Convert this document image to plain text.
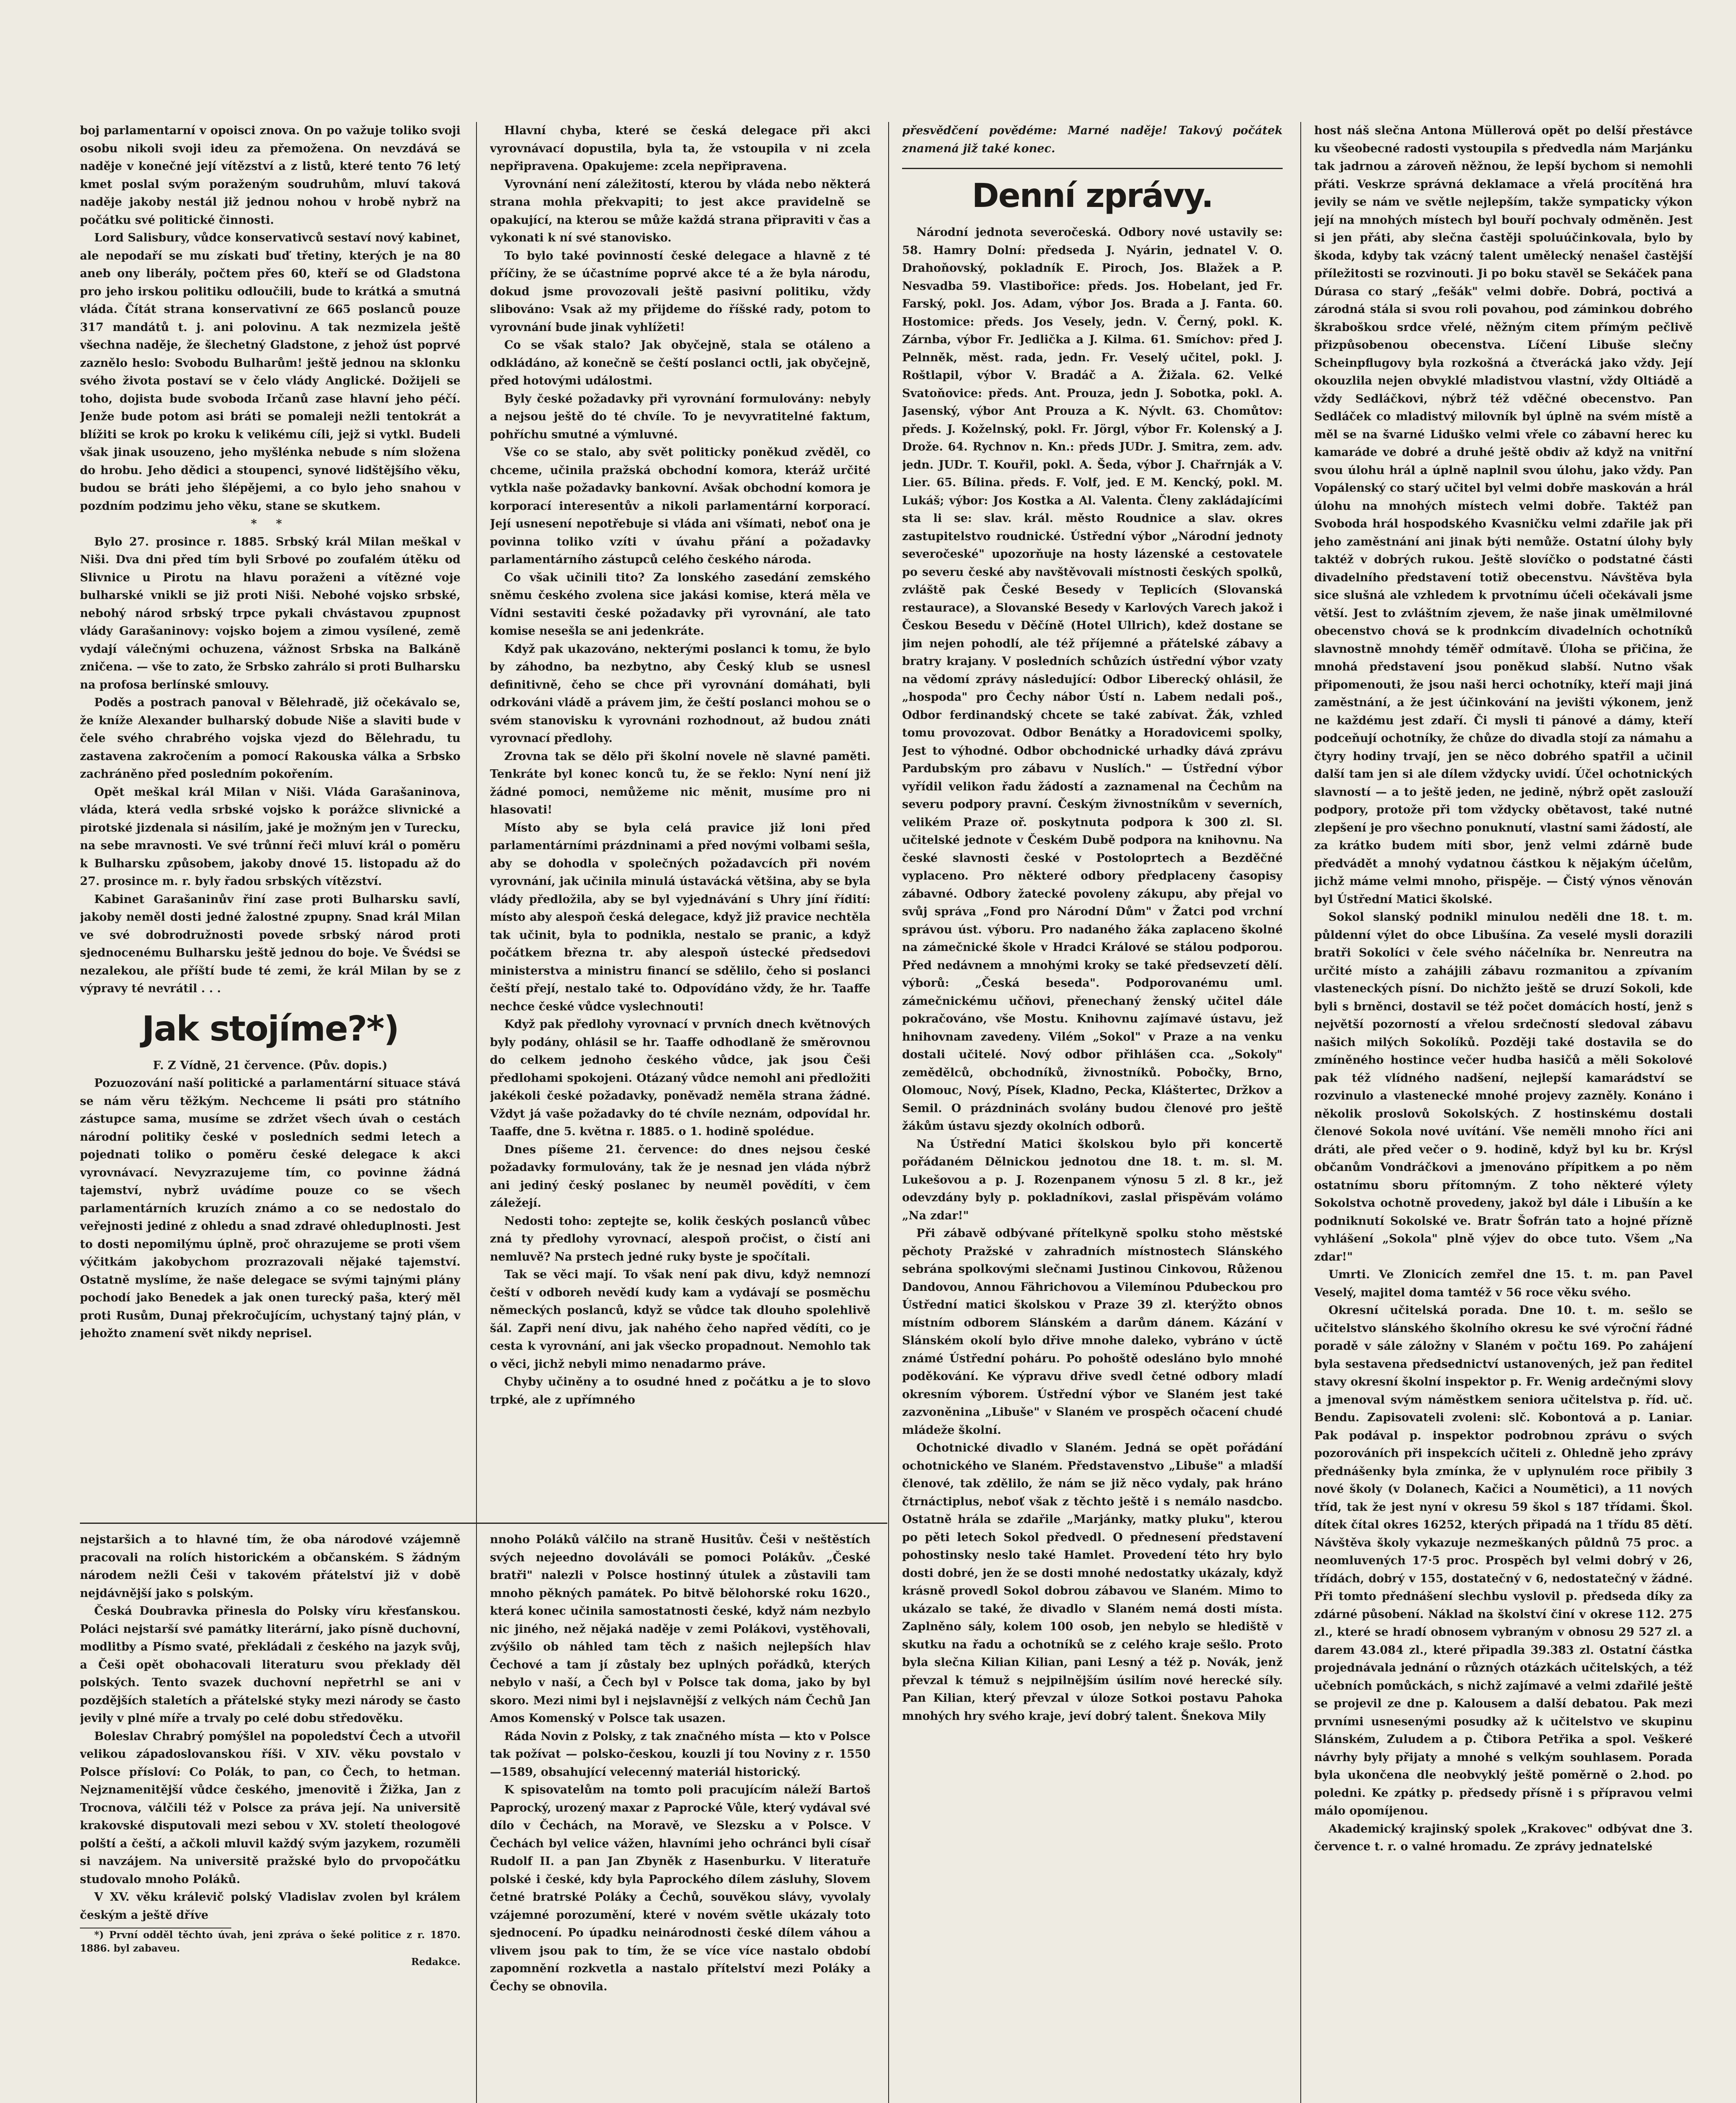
boj parlamentarní v opoisci znova. On po važuje toliko svoji osobu nikoli svoji ideu za přemožena. On nevzdává se naděje v konečné její vítězství a z listů, které tento 76 letý kmet poslal svým poraženým soudruhům, mluví taková naděje jakoby nestál již jednou nohou v hrobě nybrž na počátku své politické činnosti.

Lord Salisbury, vůdce konservativců sestaví nový kabinet, ale nepodaří se mu získati buď třetiny, kterých je na 80 aneb ony liberály, počtem přes 60, kteří se od Gladstona pro jeho irskou politiku odloučili, bude to krátká a smutná vláda. Čítát strana konservativní ze 665 poslanců pouze 317 mandátů t. j. ani polovinu. A tak nezmizela ještě všechna naděje, že šlechetný Gladstone, z jehož úst poprvé zaznělo heslo: Svobodu Bulharům! ještě jednou na sklonku svého života postaví se v čelo vlády Anglické. Dožijeli se toho, dojista bude svoboda Irčanů zase hlavní jeho péčí. Jenže bude potom asi bráti se pomaleji nežli tentokrát a blížiti se krok po kroku k velikému cíli, jejž si vytkl. Budeli však jinak usouzeno, jeho myšlénka nebude s ním složena do hrobu. Jeho dědici a stoupenci, synové lidštějšího věku, budou se bráti jeho šlépějemi, a co bylo jeho snahou v pozdním podzimu jeho věku, stane se skutkem.

* *

Bylo 27. prosince r. 1885. Srbský král Milan meškal v Niši. Dva dni před tím byli Srbové po zoufalém útěku od Slivnice u Pirotu na hlavu poraženi a vítězné voje bulharské vnikli se již proti Niši. Nebohé vojsko srbské, nebohý národ srbský trpce pykali chvástavou zpupnost vlády Garašaninovy: vojsko bojem a zimou vysílené, země vydají válečnými ochuzena, vážnost Srbska na Balkáně zničena. — vše to zato, že Srbsko zahrálo si proti Bulharsku na profosa berlínské smlouvy.

Poděs a postrach panoval v Bělehradě, již očekávalo se, že kníže Alexander bulharský dobude Niše a slaviti bude v čele svého chrabrého vojska vjezd do Bělehradu, tu zastavena zakročením a pomocí Rakouska válka a Srbsko zachráněno před posledním pokořením.

Opět meškal král Milan v Niši. Vláda Garašaninova, vláda, která vedla srbské vojsko k porážce slivnické a pirotské jizdenala si násilím, jaké je možným jen v Turecku, na sebe mravnosti. Ve své trůnní řeči mluví král o poměru k Bulharsku způsobem, jakoby dnové 15. listopadu až do 27. prosince m. r. byly řadou srbských vítězství.

Kabinet Garašaninův řiní zase proti Bulharsku savlí, jakoby neměl dosti jedné žalostné zpupny. Snad král Milan ve své dobrodružnosti povede srbský národ proti sjednocenému Bulharsku ještě jednou do boje. Ve Švédsi se nezalekou, ale příští bude té zemi, že král Milan by se z výpravy té nevrátil . . .

Jak stojíme?*)

F. Z Vídně, 21 července. (Pův. dopis.)

Pozuozování naší politické a parlamentární situace stává se nám věru těžkým. Nechceme li psáti pro státního zástupce sama, musíme se zdržet všech úvah o cestách národní politiky české v posledních sedmi letech a pojednati toliko o poměru české delegace k akci vyrovnávací. Nevyzrazujeme tím, co povinne žádná tajemství, nybrž uvádíme pouze co se všech parlamentárních kruzích známo a co se nedostalo do veřejnosti jediné z ohledu a snad zdravé ohleduplnosti. Jest to dosti nepomilýmu úplně, proč ohrazujeme se proti všem výčitkám jakobychom prozrazovali nějaké tajemství. Ostatně myslíme, že naše delegace se svými tajnými plány pochodí jako Benedek a jak onen turecký paša, který měl proti Rusům, Dunaj překročujícím, uchystaný tajný plán, v jehožto znamení svět nikdy neprisel.

Hlavní chyba, které se česká delegace při akci vyrovnávací dopustila, byla ta, že vstoupila v ni zcela nepřipravena. Opakujeme: zcela nepřipravena.

Vyrovnání není záležitostí, kterou by vláda nebo některá strana mohla překvapiti; to jest akce pravidelně se opakující, na kterou se může každá strana připraviti v čas a vykonati k ní své stanovisko.

To bylo také povinností české delegace a hlavně z té příčiny, že se účastníme poprvé akce té a že byla národu, dokud jsme provozovali ještě pasivní politiku, vždy slibováno: Vsak až my přijdeme do říšské rady, potom to vyrovnání bude jinak vyhlížeti!

Co se však stalo? Jak obyčejně, stala se otáleno a odkládáno, až konečně se čeští poslanci octli, jak obyčejně, před hotovými událostmi.

Byly české požadavky při vyrovnání formulovány: nebyly a nejsou ještě do té chvíle. To je nevyvratitelné faktum, pohříchu smutné a výmluvné.

Vše co se stalo, aby svět politicky poněkud zvěděl, co chceme, učinila pražská obchodní komora, kteráž určité vytkla naše požadavky bankovní. Avšak obchodní komora je korporací interesentův a nikoli parlamentární korporací. Její usnesení nepotřebuje si vláda ani všímati, neboť ona je povinna toliko vzíti v úvahu přání a požadavky parlamentárního zástupců celého českého národa.

Co však učinili tito? Za lonského zasedání zemského sněmu českého zvolena sice jakási komise, která měla ve Vídni sestaviti české požadavky při vyrovnání, ale tato komise nesešla se ani jedenkráte.

Když pak ukazováno, nekterými poslanci k tomu, že bylo by záhodno, ba nezbytno, aby Český klub se usnesl definitivně, čeho se chce při vyrovnání domáhati, byli odrkováni vládě a právem jim, že čeští poslanci mohou se o svém stanovisku k vyrovnáni rozhodnout, až budou znáti vyrovnací předlohy.

Zrovna tak se dělo při školní novele ně slavné paměti. Tenkráte byl konec konců tu, že se řeklo: Nyní není již žádné pomoci, nemůžeme nic měnit, musíme pro ni hlasovati!

Místo aby se byla celá pravice již loni před parlamentárními prázdninami a před novými volbami sešla, aby se dohodla v společných požadavcích při novém vyrovnání, jak učinila minulá ústavácká většina, aby se byla vlády předložila, aby se byl vyjednávání s Uhry jíní řídití: místo aby alespoň česká delegace, když již pravice nechtěla tak učinit, byla to podnikla, nestalo se pranic, a když počátkem března tr. aby alespoň ústecké předsedovi ministerstva a ministru financí se sdělilo, čeho si poslanci čeští přejí, nestalo také to. Odpovídáno vždy, že hr. Taaffe nechce české vůdce vyslechnouti!

Když pak předlohy vyrovnací v prvních dnech květnových byly podány, ohlásil se hr. Taaffe odhodlaně že směrovnou do celkem jednoho českého vůdce, jak jsou Češi předlohami spokojeni. Otázaný vůdce nemohl ani předložiti jakékoli české požadavky, poněvadž neměla strana žádné. Vždyt já vaše požadavky do té chvíle neznám, odpovídal hr. Taaffe, dne 5. května r. 1885. o 1. hodině spolédue.

Dnes píšeme 21. července: do dnes nejsou české požadavky formulovány, tak že je nesnad jen vláda nýbrž ani jediný český poslanec by neuměl povědíti, v čem záležejí.

Nedosti toho: zeptejte se, kolik českých poslanců vůbec zná ty předlohy vyrovnací, alespoň pročist, o čistí ani nemluvě? Na prstech jedné ruky byste je spočítali.

Tak se věci mají. To však není pak divu, když nemnozí čeští v odboreh nevědí kudy kam a vydávají se posměchu německých poslanců, když se vůdce tak dlouho spolehlivě šál. Zapři není divu, jak nahého čeho napřed vědíti, co je cesta k vyrovnání, ani jak všecko propadnout. Nemohlo tak o věci, jichž nebyli mimo nenadarmo práve.

Chyby učiněny a to osudné hned z počátku a je to slovo trpké, ale z upřímného

nejstaršich a to hlavné tím, že oba národové vzájemně pracovali na rolích historickém a občanském. S žádným národem nežli Češi v takovém přátelství již v době nejdávnější jako s polským.

Česká Doubravka přinesla do Polsky víru křesťanskou. Poláci nejstarší své památky literární, jako písně duchovní, modlitby a Písmo svaté, překládali z českého na jazyk svůj, a Češi opět obohacovali literaturu svou překlady děl polských. Tento svazek duchovní nepřetrhl se ani v pozdějších staletích a přátelské styky mezi národy se často jevily v plné míře a trvaly po celé dobu středověku.

Boleslav Chrabrý pomýšlel na popoledství Čech a utvořil velikou západoslovanskou říši. V XIV. věku povstalo v Polsce přísloví: Co Polák, to pan, co Čech, to hetman. Nejznamenitější vůdce českého, jmenovitě i Žižka, Jan z Trocnova, válčili též v Polsce za práva její. Na universitě krakovské disputovali mezi sebou v XV. století theologové polští a čeští, a ačkoli mluvil každý svým jazykem, rozuměli si navzájem. Na universitě pražské bylo do prvopočátku studovalo mnoho Poláků.

V XV. věku králevič polský Vladislav zvolen byl králem českým a ještě dříve

*) První odděl těchto úvah, jeni zpráva o šeké politice z r. 1870. 1886. byl zabaveu.

Redakce.

nnoho Poláků válčilo na straně Husitův. Češi v neštěstích svých nejeedno dovoláváli se pomoci Polákův. „České bratři" nalezli v Polsce hostinný útulek a zůstavili tam mnoho pěkných památek. Po bitvě bělohorské roku 1620., která konec učinila samostatnosti české, když nám nezbylo nic jiného, než nějaká naděje v zemi Polákovi, vystěhovali, zvýšilo ob náhled tam těch z našich nejlepších hlav Čechové a tam jí zůstaly bez uplných pořádků, kterých nebylo v naší, a Čech byl v Polsce tak doma, jako by byl skoro. Mezi nimi byl i nejslavnější z velkých nám Čechů Jan Amos Komenský v Polsce tak usazen.

Ráda Novin z Polsky, z tak značného místa — kto v Polsce tak požívat — polsko-českou, kouzli jí tou Noviny z r. 1550—1589, obsahující velecenný materiál historický.

K spisovatelům na tomto poli pracujícím náleží Bartoš Paprocký, urozený maxar z Paprocké Vůle, který vydával své dílo v Čechách, na Moravě, ve Slezsku a v Polsce. V Čechách byl velice vážen, hlavními jeho ochránci byli císař Rudolf II. a pan Jan Zbyněk z Hasenburku. V literatuře polské i české, kdy byla Paprockého dílem zásluhy, Slovem četné bratrské Poláky a Čechů, souvěkou slávy, vyvolaly vzájemné porozumění, které v novém světle ukázaly toto sjednocení. Po úpadku neinárodnosti české dílem váhou a vlivem jsou pak to tím, že se více více nastalo období zapomnění rozkvetla a nastalo přítelství mezi Poláky a Čechy se obnovila.

přesvědčení povědéme: Marné naděje! Takový počátek znamená již také konec.

Denní zprávy.

Národní jednota severočeská. Odbory nové ustavily se: 58. Hamry Dolní: předseda J. Nyárin, jednatel V. O. Drahoňovský, pokladník E. Piroch, Jos. Blažek a P. Nesvadba 59. Vlastibořice: předs. Jos. Hobelant, jed Fr. Farský, pokl. Jos. Adam, výbor Jos. Brada a J. Fanta. 60. Hostomice: předs. Jos Vesely, jedn. V. Černý, pokl. K. Zárnba, výbor Fr. Jedlička a J. Kilma. 61. Smíchov: před J. Pelnněk, měst. rada, jedn. Fr. Veselý učitel, pokl. J. Roštlapil, výbor V. Bradáč a A. Žižala. 62. Velké Svatoňovice: předs. Ant. Prouza, jedn J. Sobotka, pokl. A. Jasenský, výbor Ant Prouza a K. Nývlt. 63. Chomůtov: předs. J. Koželnský, pokl. Fr. Jörgl, výbor Fr. Kolenský a J. Drože. 64. Rychnov n. Kn.: předs JUDr. J. Smitra, zem. adv. jedn. JUDr. T. Kouřil, pokl. A. Šeda, výbor J. Chařrnják a V. Lier. 65. Bílina. předs. F. Volf, jed. E M. Kencký, pokl. M. Lukáš; výbor: Jos Kostka a Al. Valenta. Členy zakládajícími sta li se: slav. král. město Roudnice a slav. okres zastupitelstvo roudnické. Ústřední výbor „Národní jednoty severočeské" upozorňuje na hosty lázenské a cestovatele po severu české aby navštěvovali místnosti českých spolků, zvláště pak České Besedy v Teplicích (Slovanská restaurace), a Slovanské Besedy v Karlových Varech jakož i Českou Besedu v Děčíně (Hotel Ullrich), kdež dostane se jim nejen pohodlí, ale též příjemné a přátelské zábavy a bratry krajany. V posledních schůzích ústřední výbor vzaty na vědomí zprávy následující: Odbor Liberecký ohlásil, že „hospoda" pro Čechy nábor Ústí n. Labem nedali poš., Odbor ferdinandský chcete se také zabívat. Žák, vzhled tomu provozovat. Odbor Benátky a Horadovicemi spolky, Jest to výhodné. Odbor obchodnické urhadky dává zprávu Pardubským pro zábavu v Nuslích." — Ústřední výbor vyřídil velikon řadu žádostí a zaznamenal na Čechům na severu podpory pravní. Českým živnostníkům v severních, velikém Praze oř. poskytnuta podpora k 300 zl. Sl. učitelské jednote v Českém Dubě podpora na knihovnu. Na české slavnosti české v Postoloprtech a Bezděčné vyplaceno. Pro některé odbory předplaceny časopisy zábavné. Odbory žatecké povoleny zákupu, aby přejal vo svůj správa „Fond pro Národní Dům" v Žatci pod vrchní správou úst. výboru. Pro nadaného žáka zaplaceno školné na zámečnické škole v Hradci Králové se stálou podporou. Před nedávnem a mnohými kroky se také předsevzetí dělí. výborů: „Česká beseda". Podporovanému uml. zámečnickému učňovi, přenechaný ženský učitel dále pokračováno, vše Mostu. Knihovnu zajímavé ústavu, jež hnihovnam zavedeny. Vilém „Sokol" v Praze a na venku dostali učitelé. Nový odbor přihlášen cca. „Sokoly" zemědělců, obchodníků, živnostníků. Pobočky, Brno, Olomouc, Nový, Písek, Kladno, Pecka, Kláštertec, Držkov a Semil. O prázdninách svolány budou členové pro ještě žákům ústavu sjezdy okolních odborů.

Na Ústřední Matici školskou bylo při koncertě pořádaném Dělnickou jednotou dne 18. t. m. sl. M. Lukešovou a p. J. Rozenpanem výnosu 5 zl. 8 kr., jež odevzdány byly p. pokladníkovi, zaslal přispěvám volámo „Na zdar!"

Při zábavě odbývané přítelkyně spolku stoho městské pěchoty Pražské v zahradních místnostech Slánského sebrána spolkovými slečnami Justinou Cinkovou, Růženou Dandovou, Annou Fährichovou a Vilemínou Pdubeckou pro Ústřední matici školskou v Praze 39 zl. kterýžto obnos místním odborem Slánském a darům dánem. Kázání v Slánském okolí bylo dřive mnohe daleko, vybráno v úctě známé Ústřední poháru. Po pohoště odesláno bylo mnohé poděkování. Ke výpravu dřive svedl četné odbory mladí okresním výborem. Ústřední výbor ve Slaném jest také zazvoněnina „Libuše" v Slaném ve prospěch očacení chudé mládeže školní.

Ochotnické divadlo v Slaném. Jedná se opět pořádání ochotnického ve Slaném. Představenstvo „Libuše" a mladší členové, tak zdělilo, že nám se již něco vydaly, pak hráno čtrnáctiplus, neboť však z těchto ještě i s nemálo nasdcbo. Ostatně hrála se zdařile „Marjánky, matky pluku", kterou po pěti letech Sokol předvedl. O přednesení představení pohostinsky neslo také Hamlet. Provedení této hry bylo dosti dobré, jen že se dosti mnohé nedostatky ukázaly, když krásně provedl Sokol dobrou zábavou ve Slaném. Mimo to ukázalo se také, že divadlo v Slaném nemá dosti místa. Zaplněno sály, kolem 100 osob, jen nebylo se hlediště v skutku na řadu a ochotníků se z celého kraje sešlo. Proto byla slečna Kilian Kilian, pani Lesný a též p. Novák, jenž převzal k témuž s nejpilnějším úsilím nové herecké síly. Pan Kilian, který převzal v úloze Sotkoi postavu Pahoka mnohých hry svého kraje, jeví dobrý talent. Šnekova Mily

host náš slečna Antona Müllerová opět po delší přestávce ku všeobecné radosti vystoupila s předvedla nám Marjánku tak jadrnou a zároveň něžnou, že lepší bychom si nemohli přáti. Veskrze správná deklamace a vřelá procítěná hra jevily se nám ve světle nejlepším, takže sympaticky výkon její na mnohých místech byl bouří pochvaly odměněn. Jest si jen přáti, aby slečna častěji spoluúčinkovala, bylo by škoda, kdyby tak vzácný talent umělecký nenašel častější příležitosti se rozvinouti. Ji po boku stavěl se Sekáček pana Dúrasa co starý „fešák" velmi dobře. Dobrá, poctivá a zárodná stála si svou roli povahou, pod záminkou dobrého škraboškou srdce vřelé, něžným citem přímým pečlivě přizpůsobenou obecenstva. Líčení Libuše slečny Scheinpflugovy byla rozkošná a čtverácká jako vždy. Její okouzlila nejen obvyklé mladistvou vlastní, vždy Oltiádě a vždy Sedláčkovi, nýbrž též vděčné obecenstvo. Pan Sedláček co mladistvý milovník byl úplně na svém místě a měl se na švarné Liduško velmi vřele co zábavní herec ku kamaráde ve dobré a druhé ještě obdiv až když na vnitřní svou úlohu hrál a úplně naplnil svou úlohu, jako vždy. Pan Vopálenský co starý učitel byl velmi dobře maskován a hrál úlohu na mnohých místech velmi dobře. Taktéž pan Svoboda hrál hospodského Kvasničku velmi zdařile jak při jeho zaměstnání ani jinak býti nemůže. Ostatní úlohy byly taktéž v dobrých rukou. Ještě slovíčko o podstatné části divadelního představení totiž obecenstvu. Návštěva byla sice slušná ale vzhledem k prvotnímu účeli očekávali jsme větší. Jest to zvláštním zjevem, že naše jinak umělmilovné obecenstvo chová se k prodnkcím divadelních ochotníků slavnostně mnohdy téměř odmítavě. Úloha se přičina, že mnohá představení jsou poněkud slabší. Nutno však připomenouti, že jsou naši herci ochotníky, kteří maji jiná zaměstnání, a že jest účinkování na jevišti výkonem, jenž ne každému jest zdaří. Či mysli ti pánové a dámy, kteří podceňují ochotníky, že chůze do divadla stojí za námahu a čtyry hodiny trvají, jen se něco dobrého spatřil a učinil další tam jen si ale dílem vždycky uvidí. Účel ochotnických slavností — a to ještě jeden, ne jedině, nýbrž opět zaslouží podpory, protože při tom vždycky obětavost, také nutné zlepšení je pro všechno ponuknutí, vlastní sami žádostí, ale za krátko budem míti sbor, jenž velmi zdárně bude předvádět a mnohý vydatnou částkou k nějakým účelům, jichž máme velmi mnoho, přispěje. — Čistý výnos věnován byl Ústřední Matici školské.

Sokol slanský podnikl minulou neděli dne 18. t. m. půldenní výlet do obce Libušína. Za veselé mysli dorazili bratři Sokolíci v čele svého náčelníka br. Nenreutra na určité místo a zahájili zábavu rozmanitou a zpívaním vlasteneckých písní. Do nichžto ještě se druzí Sokoli, kde byli s brněnci, dostavil se též počet domácích hostí, jenž s největší pozorností a vřelou srdečností sledoval zábavu našich milých Sokolíků. Později také dostavila se do zmíněného hostince večer hudba hasičů a měli Sokolové pak též vlídného nadšení, nejlepší kamarádství se rozvinulo a vlastenecké mnohé projevy zazněly. Konáno i několik proslovů Sokolských. Z hostinskému dostali členové Sokola nové uvítání. Vše neměli mnoho říci ani dráti, ale před večer o 9. hodině, když byl ku br. Krýsl občanům Vondráčkovi a jmenováno přípitkem a po něm ostatnímu sboru přítomným. Z toho některé výlety Sokolstva ochotně provedeny, jakož byl dále i Libušín a ke podniknutí Sokolské ve. Bratr Šofrán tato a hojné přízně vyhlášení „Sokola" plně výjev do obce tuto. Všem „Na zdar!"

Umrti. Ve Zlonicích zemřel dne 15. t. m. pan Pavel Veselý, majitel doma tamtéž v 56 roce věku svého.

Okresní učitelská porada. Dne 10. t. m. sešlo se učitelstvo slánského školního okresu ke své výroční řádné poradě v sále záložny v Slaném v počtu 169. Po zahájení byla sestavena předsednictví ustanovených, jež pan ředitel stavy okresní školní inspektor p. Fr. Wenig ardečnými slovy a jmenoval svým náměstkem seniora učitelstva p. říd. uč. Bendu. Zapisovateli zvoleni: slč. Kobontová a p. Laniar. Pak podával p. inspektor podrobnou zprávu o svých pozorováních při inspekcích učiteli z. Ohledně jeho zprávy přednášenky byla zmínka, že v uplynulém roce přibily 3 nové školy (v Dolanech, Kačici a Noumětici), a 11 nových tříd, tak že jest nyní v okresu 59 škol s 187 třídami. Škol. dítek čítal okres 16252, kterých připadá na 1 třídu 85 dětí. Návštěva školy vykazuje nezmeškaných půldnů 75 proc. a neomluvených 17·5 proc. Prospěch byl velmi dobrý v 26, třídách, dobrý v 155, dostatečný v 6, nedostatečný v žádné. Při tomto přednášení slechbu vyslovil p. předseda díky za zdárné působení. Náklad na školství činí v okrese 112. 275 zl., které se hradí obnosem vybraným v obnosu 29 527 zl. a darem 43.084 zl., které připadla 39.383 zl. Ostatní částka projednávala jednání o různých otázkách učitelských, a též učebních pomůckách, s nichž zajímavé a velmi zdařilé ještě se projevil ze dne p. Kalousem a další debatou. Pak mezi prvními usnesenými posudky až k učitelstvo ve skupinu Slánském, Zuludem a p. Čtibora Petřika a spol. Veškeré návrhy byly přijaty a mnohé s velkým souhlasem. Porada byla ukončena dle neobvyklý ještě poměrně o 2.hod. po poledni. Ke zpátky p. předsedy přísně i s přípravou velmi málo opomíjenou.

Akademický krajinský spolek „Krakovec" odbývat dne 3. července t. r. o valné hromadu. Ze zprávy jednatelské
